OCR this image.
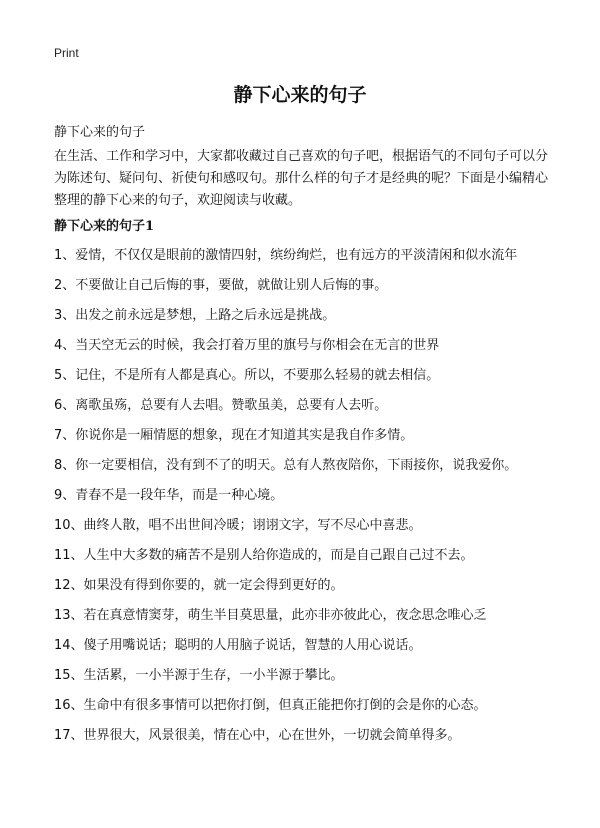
Print
静下心来的句子

静下心来的句子

在生活、工作和学习中，大家都收藏过自己喜欢的句子吧，根据语气的不同句子可以分为陈述句、疑问句、祈使句和感叹句。那什么样的句子才是经典的呢？下面是小编精心整理的静下心来的句子，欢迎阅读与收藏。

静下心来的句子1
1、爱情，不仅仅是眼前的激情四射，缤纷绚烂，也有远方的平淡清闲和似水流年
2、不要做让自己后悔的事，要做，就做让别人后悔的事。
3、出发之前永远是梦想，上路之后永远是挑战。
4、当天空无云的时候，我会打着万里的旗号与你相会在无言的世界
5、记住，不是所有人都是真心。所以，不要那么轻易的就去相信。
6、离歌虽殇，总要有人去唱。赞歌虽美，总要有人去听。
7、你说你是一厢情愿的想象，现在才知道其实是我自作多情。
8、你一定要相信，没有到不了的明天。总有人熬夜陪你，下雨接你，说我爱你。
9、青春不是一段年华，而是一种心境。
10、曲终人散，唱不出世间冷暖；诩诩文字，写不尽心中喜悲。
11、人生中大多数的痛苦不是别人给你造成的，而是自己跟自己过不去。
12、如果没有得到你要的，就一定会得到更好的。
13、若在真意情窦芽，萌生半目莫思量，此亦非亦彼此心，夜念思念唯心乏
14、傻子用嘴说话；聪明的人用脑子说话，智慧的人用心说话。
15、生活累，一小半源于生存，一小半源于攀比。
16、生命中有很多事情可以把你打倒，但真正能把你打倒的会是你的心态。
17、世界很大，风景很美，情在心中，心在世外，一切就会简单得多。
